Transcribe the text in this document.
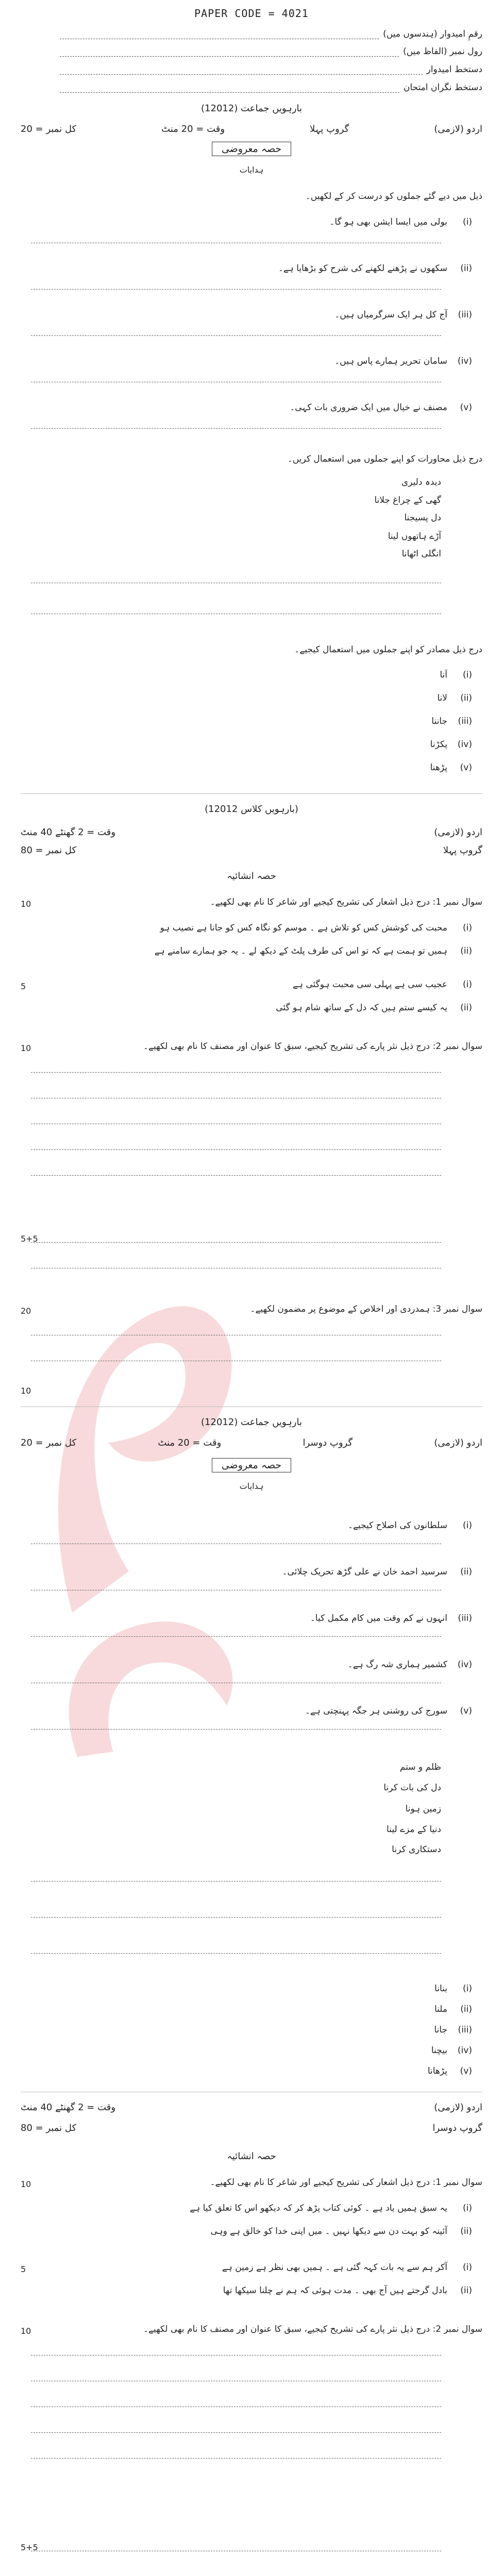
PAPER CODE = 4021
رقمِ امیدوار (ہندسوں میں)
رول نمبر (الفاظ میں)
دستخط امیدوار
دستخط نگران امتحان
بارہویں جماعت (12012)
اردو (لازمی)
گروپ پہلا
وقت = 20 منٹ
کل نمبر = 20
حصہ معروضی
ہدایات
ذیل میں دیے گئے جملوں کو درست کر کے لکھیں۔
(i)بولی میں ایسا ایشن بھی ہو گا۔
(ii)سکھوں نے پڑھنے لکھنے کی شرح کو بڑھایا ہے۔
(iii)آج کل ہر ایک سرگرمیاں ہیں۔
(iv)سامان تحریر ہمارے پاس ہیں۔
(v)مصنف نے خیال میں ایک ضروری بات کہی۔
درج ذیل محاورات کو اپنے جملوں میں استعمال کریں۔
دیدہ دلیری
گھی کے چراغ جلانا
دل پسیجنا
آڑے ہاتھوں لینا
انگلی اٹھانا
درج ذیل مصادر کو اپنے جملوں میں استعمال کیجیے۔
(i)آنا
(ii)لانا
(iii)جاننا
(iv)پکڑنا
(v)پڑھنا
(بارہویں کلاس 12012)
اردو (لازمی)
وقت = 2 گھنٹے 40 منٹ
گروپ پہلا
کل نمبر = 80
حصہ انشائیہ
سوال نمبر 1: درج ذیل اشعار کی تشریح کیجیے اور شاعر کا نام بھی لکھیے۔
10
(i)محبت کی کوشش کس کو تلاش ہے ۔ موسم کو نگاہ کس کو جانا ہے نصیب ہو
(ii)ہمیں تو ہمت ہے کہ تو اس کی طرف پلٹ کے دیکھ لے ۔ یہ جو ہمارے سامنے ہے
(i)عجیب سی ہے پہلی سی محبت ہوگئی ہے
(ii)یہ کیسے ستم ہیں کہ دل کے ساتھ شام ہو گئی
5
سوال نمبر 2: درج ذیل نثر پارے کی تشریح کیجیے، سبق کا عنوان اور مصنف کا نام بھی لکھیے۔
10
5+5
سوال نمبر 3: ہمدردی اور اخلاص کے موضوع پر مضمون لکھیے۔
20
10
بارہویں جماعت (12012)
اردو (لازمی)
گروپ دوسرا
وقت = 20 منٹ
کل نمبر = 20
حصہ معروضی
ہدایات
(i)سلطانوں کی اصلاح کیجیے۔
(ii)سرسید احمد خان نے علی گڑھ تحریک چلائی۔
(iii)انہوں نے کم وقت میں کام مکمل کیا۔
(iv)کشمیر ہماری شہ رگ ہے۔
(v)سورج کی روشنی ہر جگہ پہنچتی ہے۔
ظلم و ستم
دل کی بات کرنا
زمین ہونا
دنیا کے مزے لینا
دستکاری کرنا
(i)بنانا
(ii)ملنا
(iii)جانا
(iv)بیچنا
(v)پڑھانا
اردو (لازمی)
وقت = 2 گھنٹے 40 منٹ
گروپ دوسرا
کل نمبر = 80
حصہ انشائیہ
سوال نمبر 1: درج ذیل اشعار کی تشریح کیجیے اور شاعر کا نام بھی لکھیے۔
10
(i)یہ سبق ہمیں یاد ہے ۔ کوئی کتاب پڑھ کر کہ دیکھو اس کا تعلق کیا ہے
(ii)آئینہ کو بہت دن سے دیکھا نہیں ۔ میں اپنی خدا کو خالق ہے وہی
(i)آکر ہم سے یہ بات کہہ گئی ہے ۔ ہمیں بھی نظر ہے زمین ہے
(ii)بادل گرجتے ہیں آج بھی ۔ مدت ہوئی کہ ہم نے چلنا سیکھا تھا
5
سوال نمبر 2: درج ذیل نثر پارے کی تشریح کیجیے، سبق کا عنوان اور مصنف کا نام بھی لکھیے۔
10
5+5
